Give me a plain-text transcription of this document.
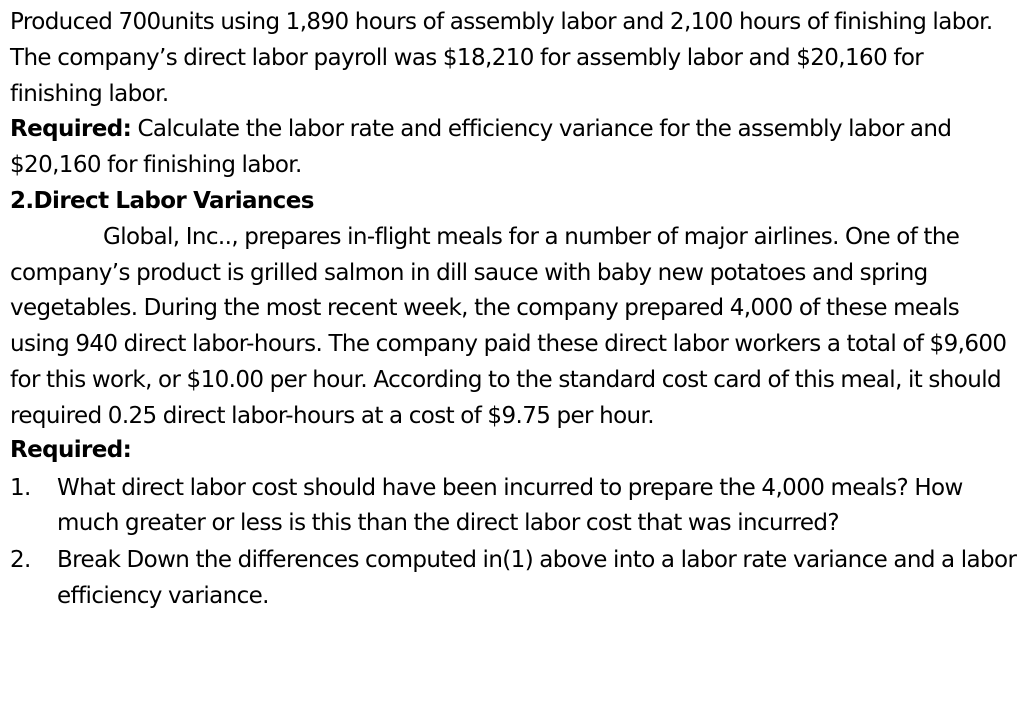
Produced 700units using 1,890 hours of assembly labor and 2,100 hours of finishing labor. The company’s direct labor payroll was $18,210 for assembly labor and $20,160 for finishing labor.

Required: Calculate the labor rate and efficiency variance for the assembly labor and $20,160 for finishing labor.

2.Direct Labor Variances

Global, Inc.., prepares in-flight meals for a number of major airlines. One of the company’s product is grilled salmon in dill sauce with baby new potatoes and spring vegetables. During the most recent week, the company prepared 4,000 of these meals using 940 direct labor-hours. The company paid these direct labor workers a total of $9,600 for this work, or $10.00 per hour. According to the standard cost card of this meal, it should required 0.25 direct labor-hours at a cost of $9.75 per hour.

Required:

1. What direct labor cost should have been incurred to prepare the 4,000 meals? How much greater or less is this than the direct labor cost that was incurred?
2. Break Down the differences computed in(1) above into a labor rate variance and a labor efficiency variance.
